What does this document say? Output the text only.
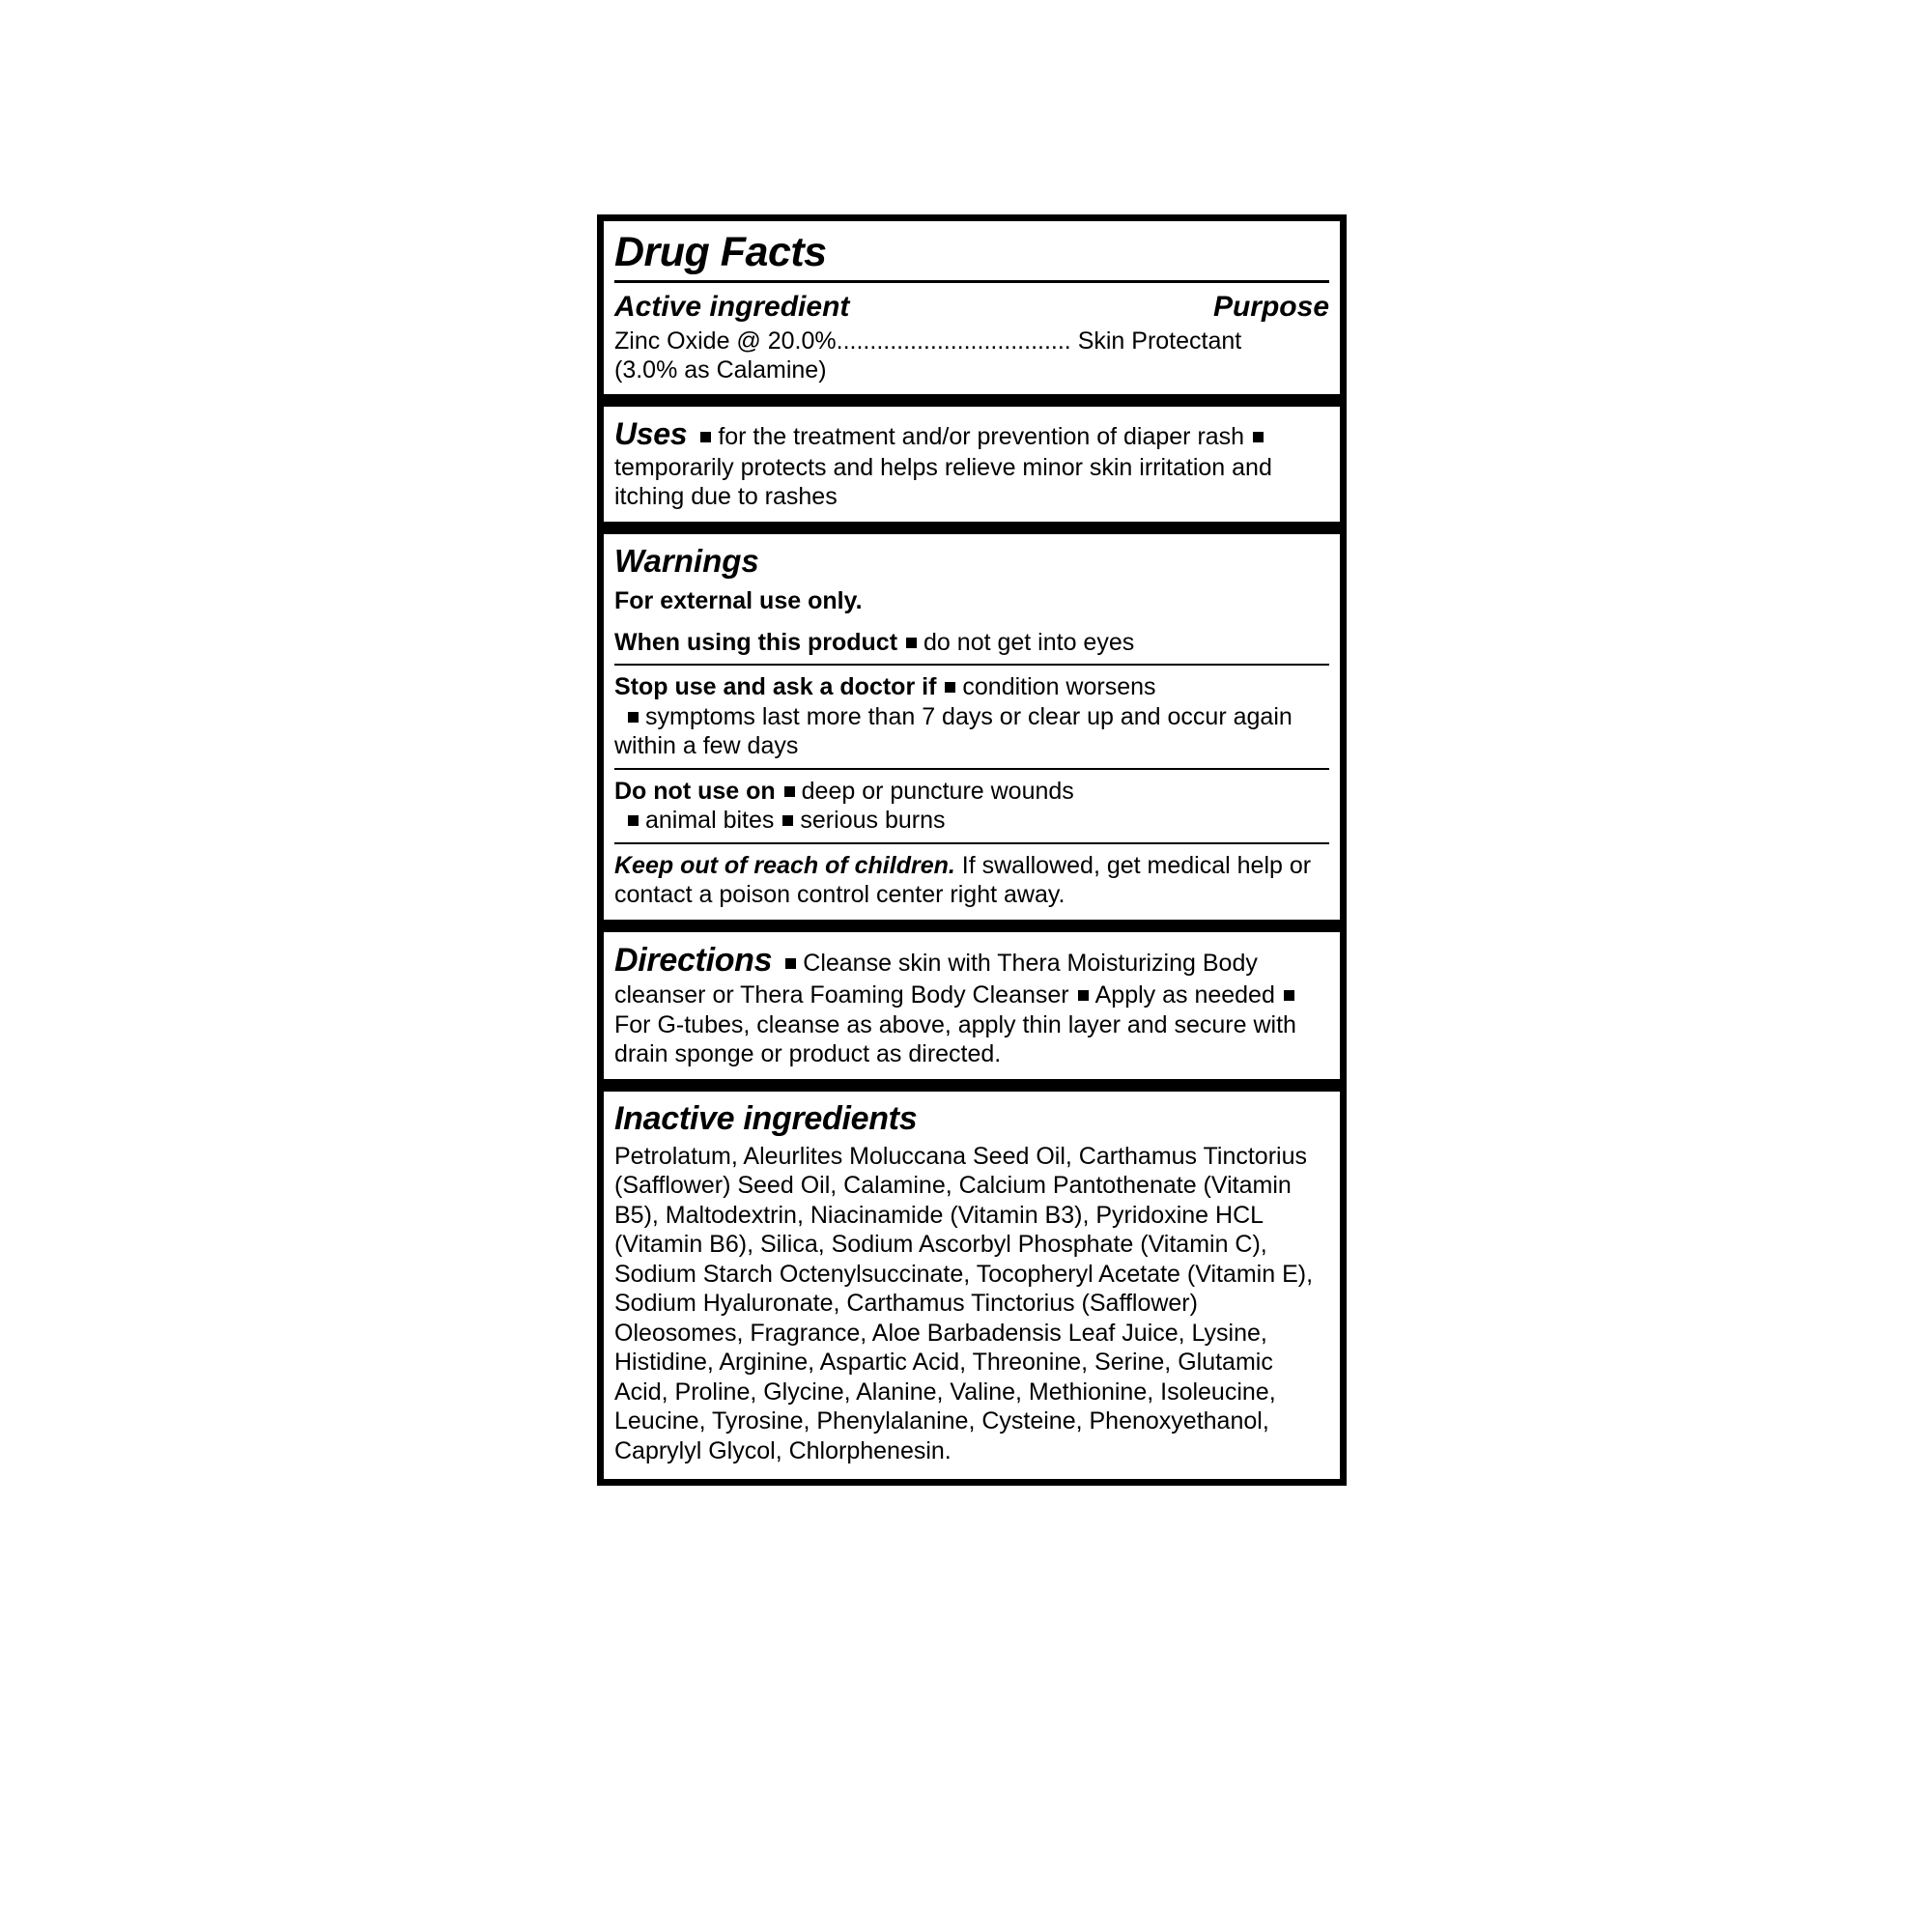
Drug Facts
Active ingredient	Purpose
Zinc Oxide @ 20.0%................................... Skin Protectant
(3.0% as Calamine)
Uses for the treatment and/or prevention of diaper rashtemporarily protects and helps relieve minor skin irritation and itching due to rashes
Warnings
For external use only.
When using this product do not get into eyes
Stop use and ask a doctor if condition worsens
symptoms last more than 7 days or clear up and occur again within a few days
Do not use on deep or puncture wounds
animal bites serious burns
Keep out of reach of children. If swallowed, get medical help or contact a poison control center right away.
Directions Cleanse skin with Thera Moisturizing Body cleanser or Thera Foaming Body Cleanser Apply as neededFor G-tubes, cleanse as above, apply thin layer and secure with drain sponge or product as directed.
Inactive ingredients
Petrolatum, Aleurlites Moluccana Seed Oil, Carthamus Tinctorius (Safflower) Seed Oil, Calamine, Calcium Pantothenate (Vitamin B5), Maltodextrin, Niacinamide (Vitamin B3), Pyridoxine HCL (Vitamin B6), Silica, Sodium Ascorbyl Phosphate (Vitamin C), Sodium Starch Octenylsuccinate, Tocopheryl Acetate (Vitamin E), Sodium Hyaluronate, Carthamus Tinctorius (Safflower) Oleosomes, Fragrance, Aloe Barbadensis Leaf Juice, Lysine, Histidine, Arginine, Aspartic Acid, Threonine, Serine, Glutamic Acid, Proline, Glycine, Alanine, Valine, Methionine, Isoleucine, Leucine, Tyrosine, Phenylalanine, Cysteine, Phenoxyethanol, Caprylyl Glycol, Chlorphenesin.
